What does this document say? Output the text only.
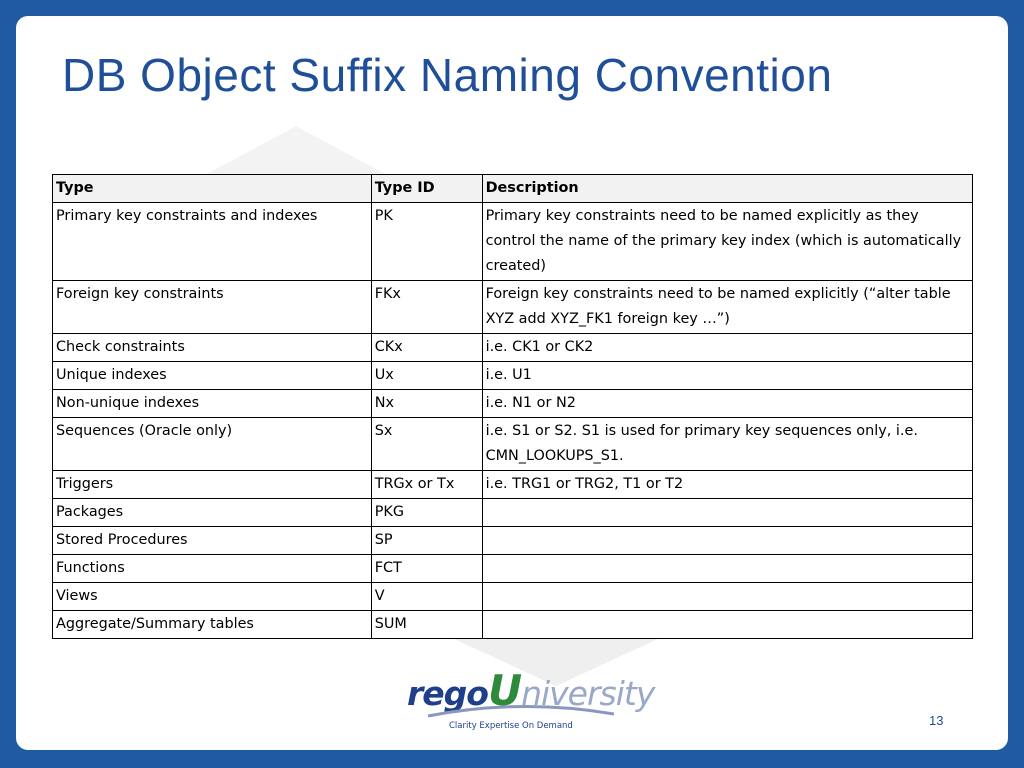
DB Object Suffix Naming Convention
Type	Type ID	Description
Primary key constraints and indexes	PK	Primary key constraints need to be named explicitly as they control the name of the primary key index (which is automatically created)
Foreign key constraints	FKx	Foreign key constraints need to be named explicitly (“alter table XYZ add XYZ_FK1 foreign key …”)
Check constraints	CKx	i.e. CK1 or CK2
Unique indexes	Ux	i.e. U1
Non-unique indexes	Nx	i.e. N1 or N2
Sequences (Oracle only)	Sx	i.e. S1 or S2. S1 is used for primary key sequences only, i.e. CMN_LOOKUPS_S1.
Triggers	TRGx or Tx	i.e. TRG1 or TRG2, T1 or T2
Packages	PKG	
Stored Procedures	SP	
Functions	FCT	
Views	V	
Aggregate/Summary tables	SUM	
regoUniversity
Clarity Expertise On Demand	13
